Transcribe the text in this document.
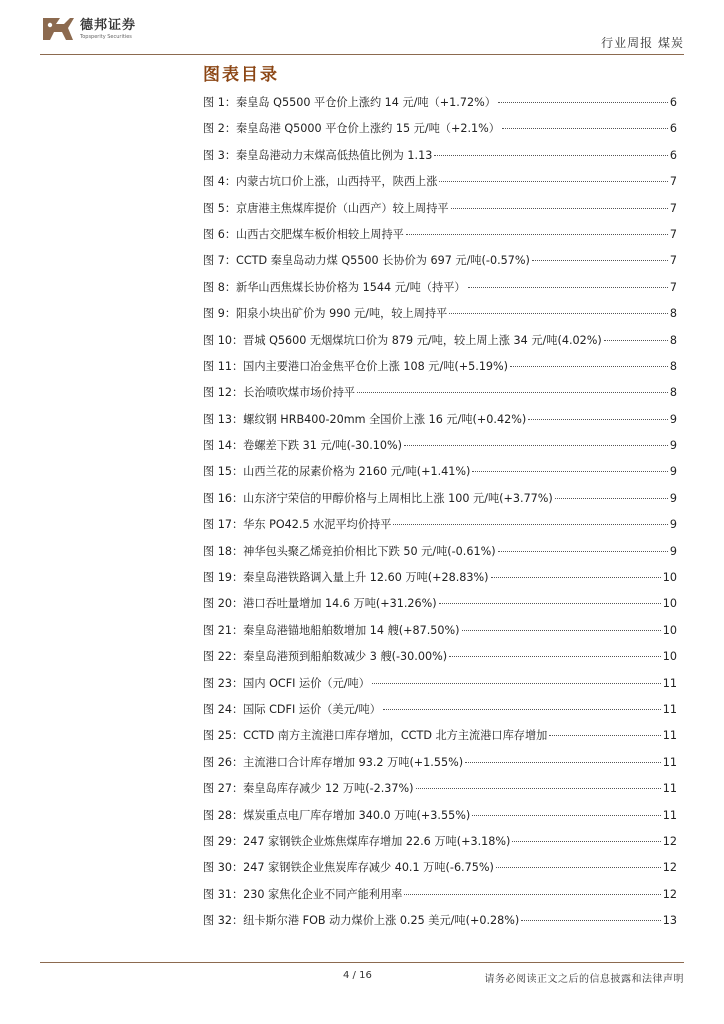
德邦证券
Topsperity Securities	行业周报 煤炭
图表目录
图 1：秦皇岛 Q5500 平仓价上涨约 14 元/吨（+1.72%）	6
图 2：秦皇岛港 Q5000 平仓价上涨约 15 元/吨（+2.1%）	6
图 3：秦皇岛港动力末煤高低热值比例为 1.13	6
图 4：内蒙古坑口价上涨，山西持平，陕西上涨	7
图 5：京唐港主焦煤库提价（山西产）较上周持平	7
图 6：山西古交肥煤车板价相较上周持平	7
图 7：CCTD 秦皇岛动力煤 Q5500 长协价为 697 元/吨(-0.57%)	7
图 8：新华山西焦煤长协价格为 1544 元/吨（持平）	7
图 9：阳泉小块出矿价为 990 元/吨，较上周持平	8
图 10：晋城 Q5600 无烟煤坑口价为 879 元/吨，较上周上涨 34 元/吨(4.02%)	8
图 11：国内主要港口冶金焦平仓价上涨 108 元/吨(+5.19%)	8
图 12：长治喷吹煤市场价持平	8
图 13：螺纹钢 HRB400-20mm 全国价上涨 16 元/吨(+0.42%)	9
图 14：卷螺差下跌 31 元/吨(-30.10%)	9
图 15：山西兰花的尿素价格为 2160 元/吨(+1.41%)	9
图 16：山东济宁荣信的甲醇价格与上周相比上涨 100 元/吨(+3.77%)	9
图 17：华东 PO42.5 水泥平均价持平	9
图 18：神华包头聚乙烯竞拍价相比下跌 50 元/吨(-0.61%)	9
图 19：秦皇岛港铁路调入量上升 12.60 万吨(+28.83%)	10
图 20：港口吞吐量增加 14.6 万吨(+31.26%)	10
图 21：秦皇岛港锚地船舶数增加 14 艘(+87.50%)	10
图 22：秦皇岛港预到船舶数减少 3 艘(-30.00%)	10
图 23：国内 OCFI 运价（元/吨）	11
图 24：国际 CDFI 运价（美元/吨）	11
图 25：CCTD 南方主流港口库存增加，CCTD 北方主流港口库存增加	11
图 26：主流港口合计库存增加 93.2 万吨(+1.55%)	11
图 27：秦皇岛库存减少 12 万吨(-2.37%)	11
图 28：煤炭重点电厂库存增加 340.0 万吨(+3.55%)	11
图 29：247 家钢铁企业炼焦煤库存增加 22.6 万吨(+3.18%)	12
图 30：247 家钢铁企业焦炭库存减少 40.1 万吨(-6.75%)	12
图 31：230 家焦化企业不同产能利用率	12
图 32：纽卡斯尔港 FOB 动力煤价上涨 0.25 美元/吨(+0.28%)	13
4 / 16	请务必阅读正文之后的信息披露和法律声明
